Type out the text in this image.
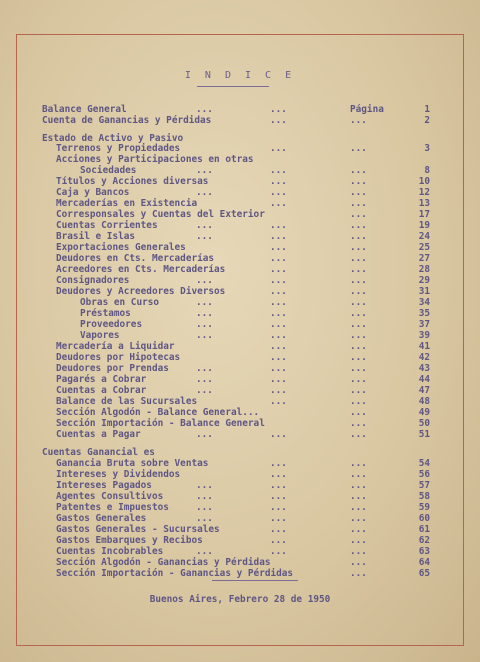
I N D I C E
Balance General	...	...	Página	1
Cuenta de Ganancias y Pérdidas	...	...	2
Estado de Activo y Pasivo
Terrenos y Propiedades	...	...	3
Acciones y Participaciones en otras
Sociedades	...	...	...	8
Títulos y Acciones diversas	...	...	10
Caja y Bancos	...	...	...	12
Mercaderías en Existencia	...	...	13
Corresponsales y Cuentas del Exterior	...	17
Cuentas Corrientes	...	...	...	19
Brasil e Islas	...	...	...	24
Exportaciones Generales	...	...	25
Deudores en Cts. Mercaderías	...	...	27
Acreedores en Cts. Mercaderías	...	...	28
Consignadores	...	...	...	29
Deudores y Acreedores Diversos	...	...	31
Obras en Curso	...	...	...	34
Préstamos	...	...	...	35
Proveedores	...	...	...	37
Vapores	...	...	...	39
Mercadería a Liquidar	...	...	41
Deudores por Hipotecas	...	...	42
Deudores por Prendas	...	...	...	43
Pagarés a Cobrar	...	...	...	44
Cuentas a Cobrar	...	...	...	47
Balance de las Sucursales	...	...	48
Sección Algodón - Balance General...	...	49
Sección Importación - Balance General	...	50
Cuentas a Pagar	...	...	...	51
Cuentas Ganancial es
Ganancia Bruta sobre Ventas	...	...	54
Intereses y Dividendos	...	...	56
Intereses Pagados	...	...	...	57
Agentes Consultivos	...	...	...	58
Patentes e Impuestos	...	...	...	59
Gastos Generales	...	...	...	60
Gastos Generales - Sucursales	...	...	61
Gastos Embarques y Recibos	...	...	62
Cuentas Incobrables	...	...	...	63
Sección Algodón - Ganancias y Pérdidas	...	64
Sección Importación - Ganancias y Pérdidas	...	65
Buenos Aires, Febrero 28 de 1950
